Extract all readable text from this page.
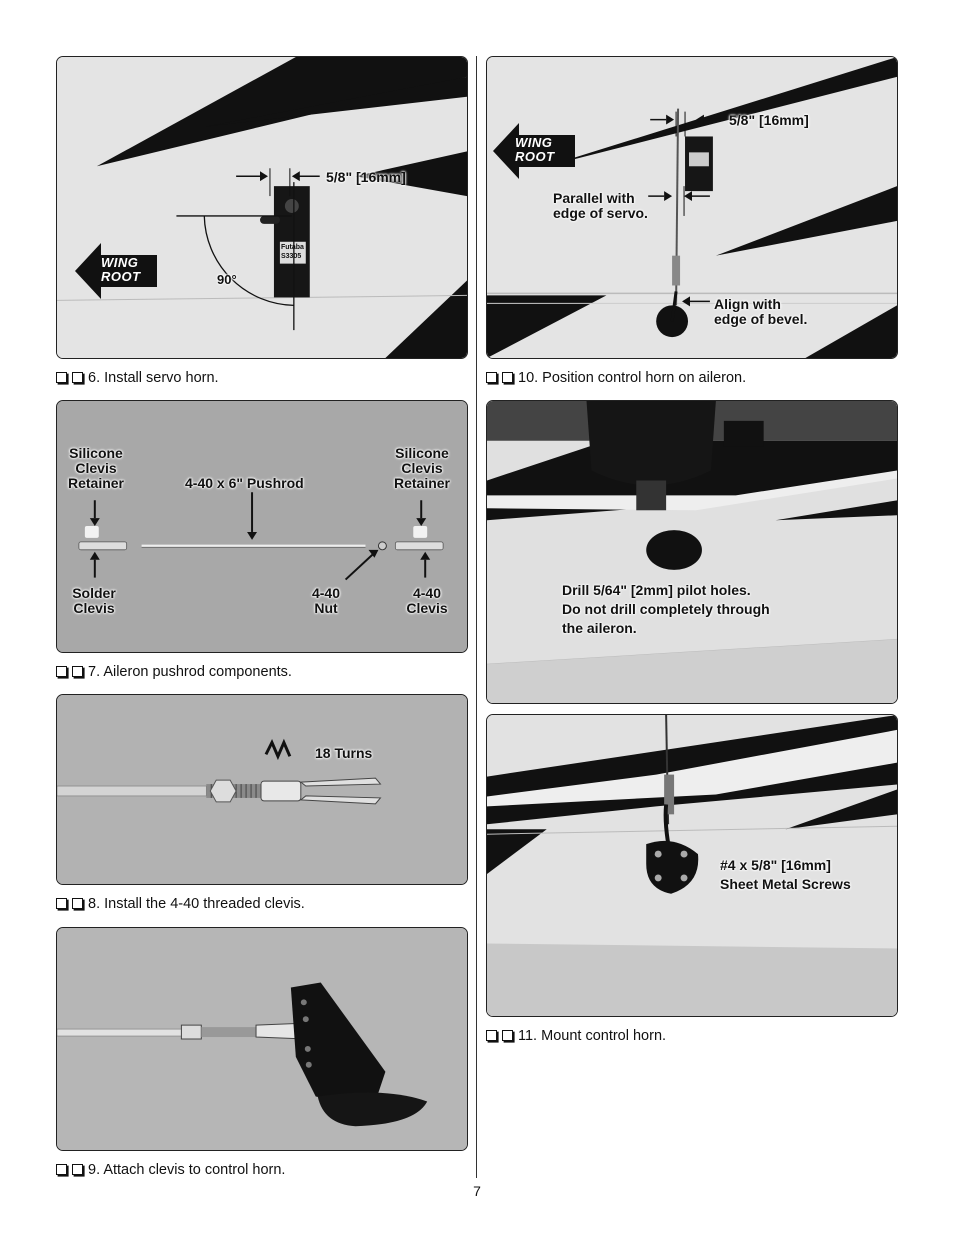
5/8" [16mm]
90°
Futaba
S3305
WING
ROOT
6. Install servo horn.
Silicone
Clevis
Retainer
Silicone
Clevis
Retainer
4-40 x 6" Pushrod
Solder
Clevis
4-40
Nut
4-40
Clevis
7. Aileron pushrod components.
18 Turns
8. Install the 4-40 threaded clevis.
9. Attach clevis to control horn.
5/8" [16mm]
Parallel with
edge of servo.
Align with
edge of bevel.
WING
ROOT
10. Position control horn on aileron.
Drill 5/64" [2mm] pilot holes.
Do not drill completely through
the aileron.
#4 x 5/8" [16mm]
Sheet Metal Screws
11. Mount control horn.
7
